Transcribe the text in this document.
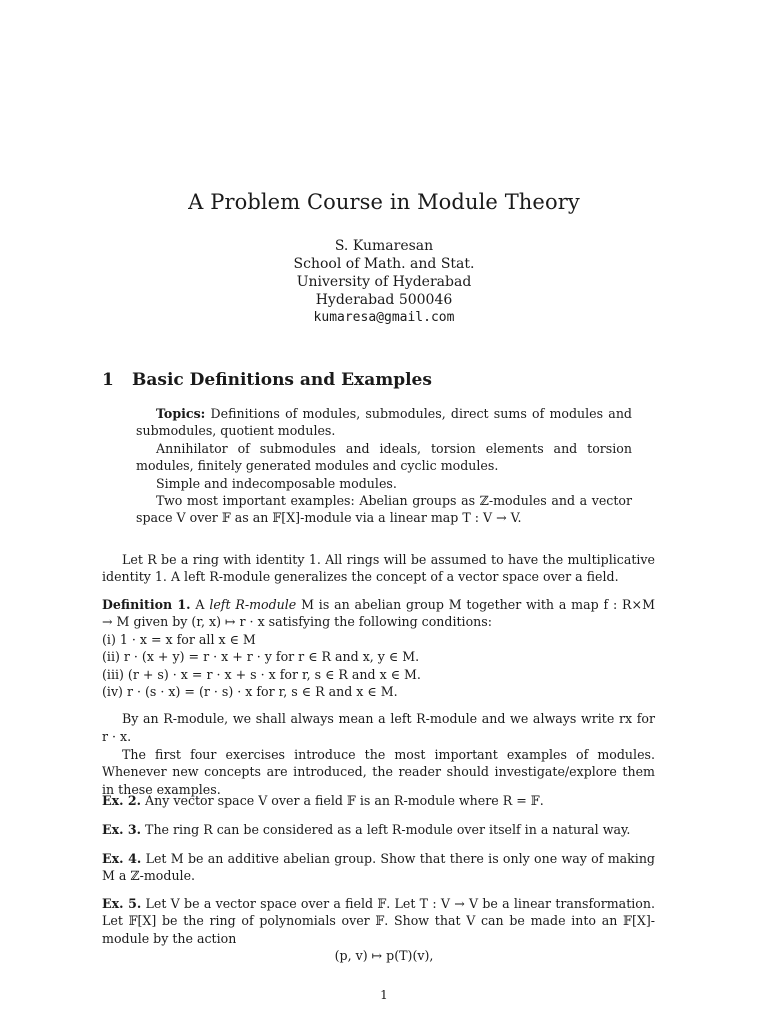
A Problem Course in Module Theory
S. Kumaresan
School of Math. and Stat.
University of Hyderabad
Hyderabad 500046
kumaresa@gmail.com
1 Basic Definitions and Examples

Topics: Definitions of modules, submodules, direct sums of modules and submodules, quotient modules.

Annihilator of submodules and ideals, torsion elements and torsion modules, finitely generated modules and cyclic modules.

Simple and indecomposable modules.

Two most important examples: Abelian groups as ℤ-modules and a vector space V over 𝔽 as an 𝔽[X]-module via a linear map T : V → V.

Let R be a ring with identity 1. All rings will be assumed to have the multiplicative identity 1. A left R-module generalizes the concept of a vector space over a field.

Definition 1. A left R-module M is an abelian group M together with a map f : R×M → M given by (r, x) ↦ r · x satisfying the following conditions:

(i) 1 · x = x for all x ∈ M

(ii) r · (x + y) = r · x + r · y for r ∈ R and x, y ∈ M.

(iii) (r + s) · x = r · x + s · x for r, s ∈ R and x ∈ M.

(iv) r · (s · x) = (r · s) · x for r, s ∈ R and x ∈ M.

By an R-module, we shall always mean a left R-module and we always write rx for r · x.

The first four exercises introduce the most important examples of modules. Whenever new concepts are introduced, the reader should investigate/explore them in these examples.

Ex. 2. Any vector space V over a field 𝔽 is an R-module where R = 𝔽.

Ex. 3. The ring R can be considered as a left R-module over itself in a natural way.

Ex. 4. Let M be an additive abelian group. Show that there is only one way of making M a ℤ-module.

Ex. 5. Let V be a vector space over a field 𝔽. Let T : V → V be a linear transformation. Let 𝔽[X] be the ring of polynomials over 𝔽. Show that V can be made into an 𝔽[X]-module by the action

(p, v) ↦ p(T)(v),
1
